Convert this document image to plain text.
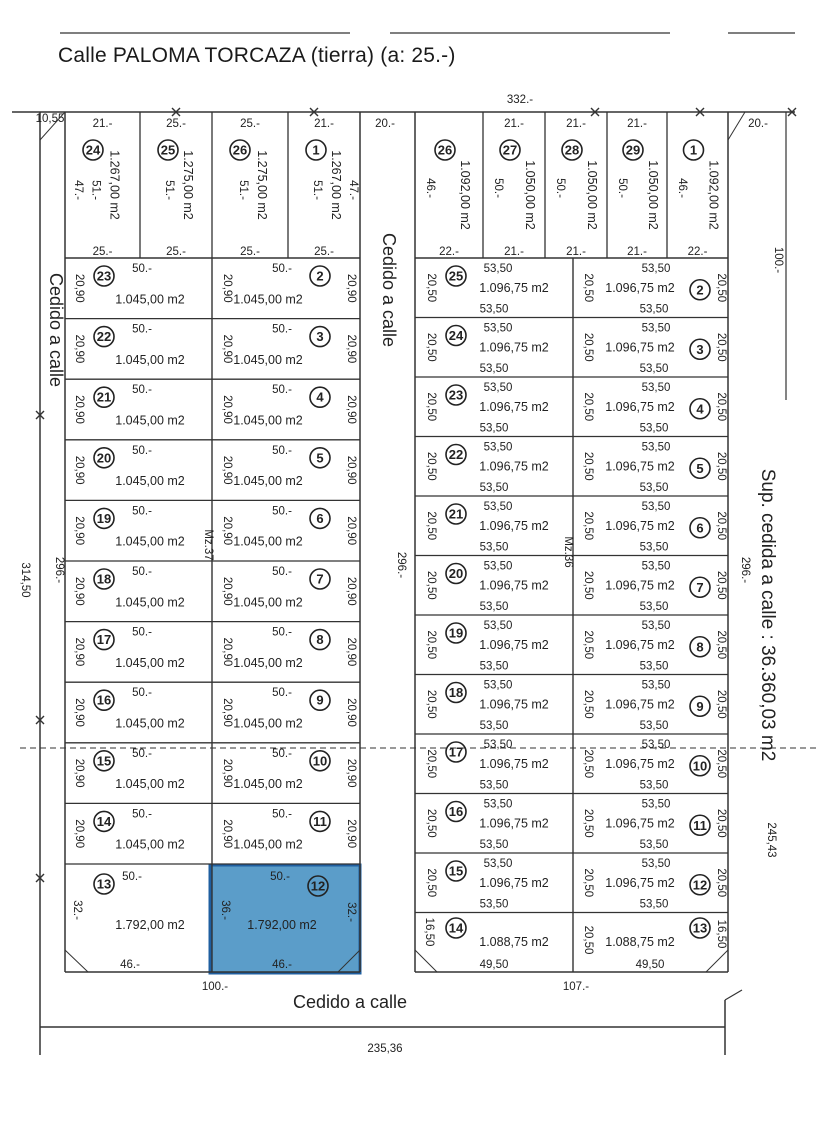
Calle PALOMA TORCAZA (tierra) (a: 25.-)
21.-
25.-
24
1.267,00 m2
51.-
47.-
25.-
25.-
25
1.275,00 m2
51.-
25.-
25.-
26
1.275,00 m2
51.-
21.-
25.-
1
1.267,00 m2
51.- 47.-
23 50.-
1.045,00 m2
20,90	2
50.-
1.045,00 m2
20,90	20,90
22 50.-
1.045,00 m2
20,90	3
50.-
1.045,00 m2
20,90	20,90
21 50.-
1.045,00 m2
20,90	4
50.-
1.045,00 m2
20,90	20,90
20 50.-
1.045,00 m2
20,90	5
50.-
1.045,00 m2
20,90	20,90
19 50.-
1.045,00 m2
20,90	6
50.-
1.045,00 m2
20,90	20,90
18 50.-
1.045,00 m2
20,90	7
50.-
1.045,00 m2
20,90	20,90
17 50.-
1.045,00 m2
20,90	8
50.-
1.045,00 m2
20,90	20,90
16 50.-
1.045,00 m2
20,90	9
50.-
1.045,00 m2
20,90	20,90
15 50.-
1.045,00 m2
20,90	10
50.-
1.045,00 m2
20,90	20,90
14 50.-
1.045,00 m2
20,90	11
50.-
1.045,00 m2
20,90	20,90
13 50.-
1.792,00 m2
46.-
32.-
12
50.-
1.792,00 m2
46.-
36.-	32.-
Mz.37
22.-
26
1.092,00 m2
46.-
21.-
21.-
27
1.050,00 m2
50.-
21.-
21.-
28
1.050,00 m2
50.-
21.-
21.-
29
1.050,00 m2
50.-
22.-
1
1.092,00 m2
46.-
25 53,50
1.096,75 m2
53,50
20,50	2
53,50
1.096,75 m2
53,50
20,50	20,50
24 53,50
1.096,75 m2
53,50
20,50	3
53,50
1.096,75 m2
53,50
20,50	20,50
23 53,50
1.096,75 m2
53,50
20,50	4
53,50
1.096,75 m2
53,50
20,50	20,50
22 53,50
1.096,75 m2
53,50
20,50	5
53,50
1.096,75 m2
53,50
20,50	20,50
21 53,50
1.096,75 m2
53,50
20,50	6
53,50
1.096,75 m2
53,50
20,50	20,50
20 53,50
1.096,75 m2
53,50
20,50	7
53,50
1.096,75 m2
53,50
20,50	20,50
19 53,50
1.096,75 m2
53,50
20,50	8
53,50
1.096,75 m2
53,50
20,50	20,50
18 53,50
1.096,75 m2
53,50
20,50	9
53,50
1.096,75 m2
53,50
20,50	20,50
17 53,50
1.096,75 m2
53,50
20,50	10
53,50
1.096,75 m2
53,50
20,50	20,50
16 53,50
1.096,75 m2
53,50
20,50	11
53,50
1.096,75 m2
53,50
20,50	20,50
15 53,50
1.096,75 m2
53,50
20,50	12
53,50
1.096,75 m2
53,50
20,50	20,50
14
1.088,75 m2
49,50
16,50	13
1.088,75 m2
49,50
20,50	16,50
Mz.36
332.-
20.-	20.-
10,55
100.-
245,43
314,50 296.-	296.-	296.-
100.-	107.-
235,36
Cedido a calle	Cedido a calle
Cedido a calle
Sup. cedida a calle : 36.360,03 m2
